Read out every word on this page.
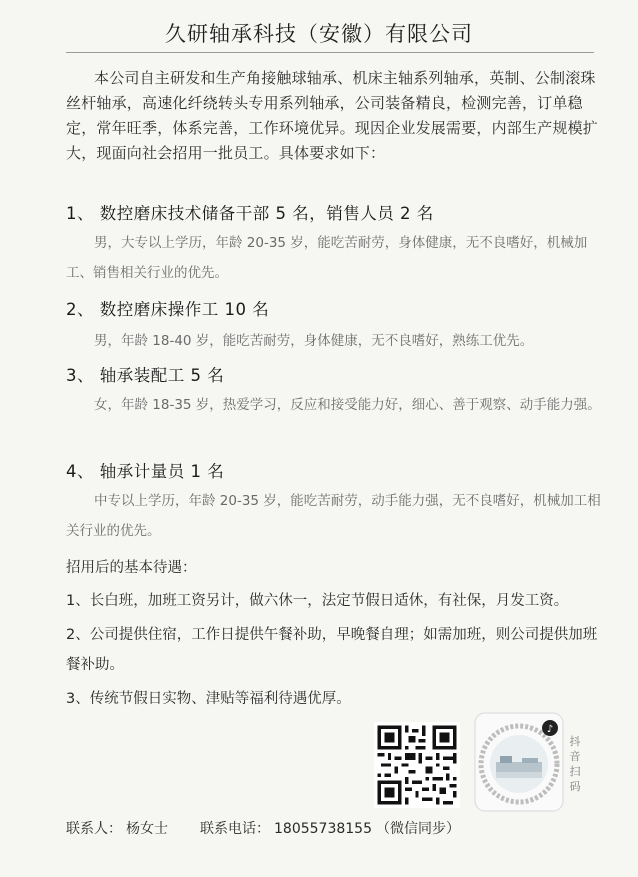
久研轴承科技（安徽）有限公司
本公司自主研发和生产角接触球轴承、机床主轴系列轴承，英制、公制滚珠丝杆轴承，高速化纤绕转头专用系列轴承，公司装备精良，检测完善，订单稳定，常年旺季，体系完善，工作环境优异。现因企业发展需要，内部生产规模扩大，现面向社会招用一批员工。具体要求如下：
1、 数控磨床技术储备干部 5 名，销售人员 2 名
男，大专以上学历，年龄 20-35 岁，能吃苦耐劳，身体健康，无不良嗜好，机械加工、销售相关行业的优先。
2、 数控磨床操作工 10 名
男，年龄 18-40 岁，能吃苦耐劳，身体健康，无不良嗜好，熟练工优先。
3、 轴承装配工 5 名
女，年龄 18-35 岁，热爱学习，反应和接受能力好，细心、善于观察、动手能力强。
4、 轴承计量员 1 名
中专以上学历，年龄 20-35 岁，能吃苦耐劳，动手能力强，无不良嗜好，机械加工相关行业的优先。
招用后的基本待遇：
1、长白班，加班工资另计，做六休一，法定节假日适休，有社保，月发工资。
2、公司提供住宿，工作日提供午餐补助，早晚餐自理；如需加班，则公司提供加班餐补助。
3、传统节假日实物、津贴等福利待遇优厚。
♪
抖音扫码
联系人： 杨女士 联系电话： 18055738155 （微信同步）
